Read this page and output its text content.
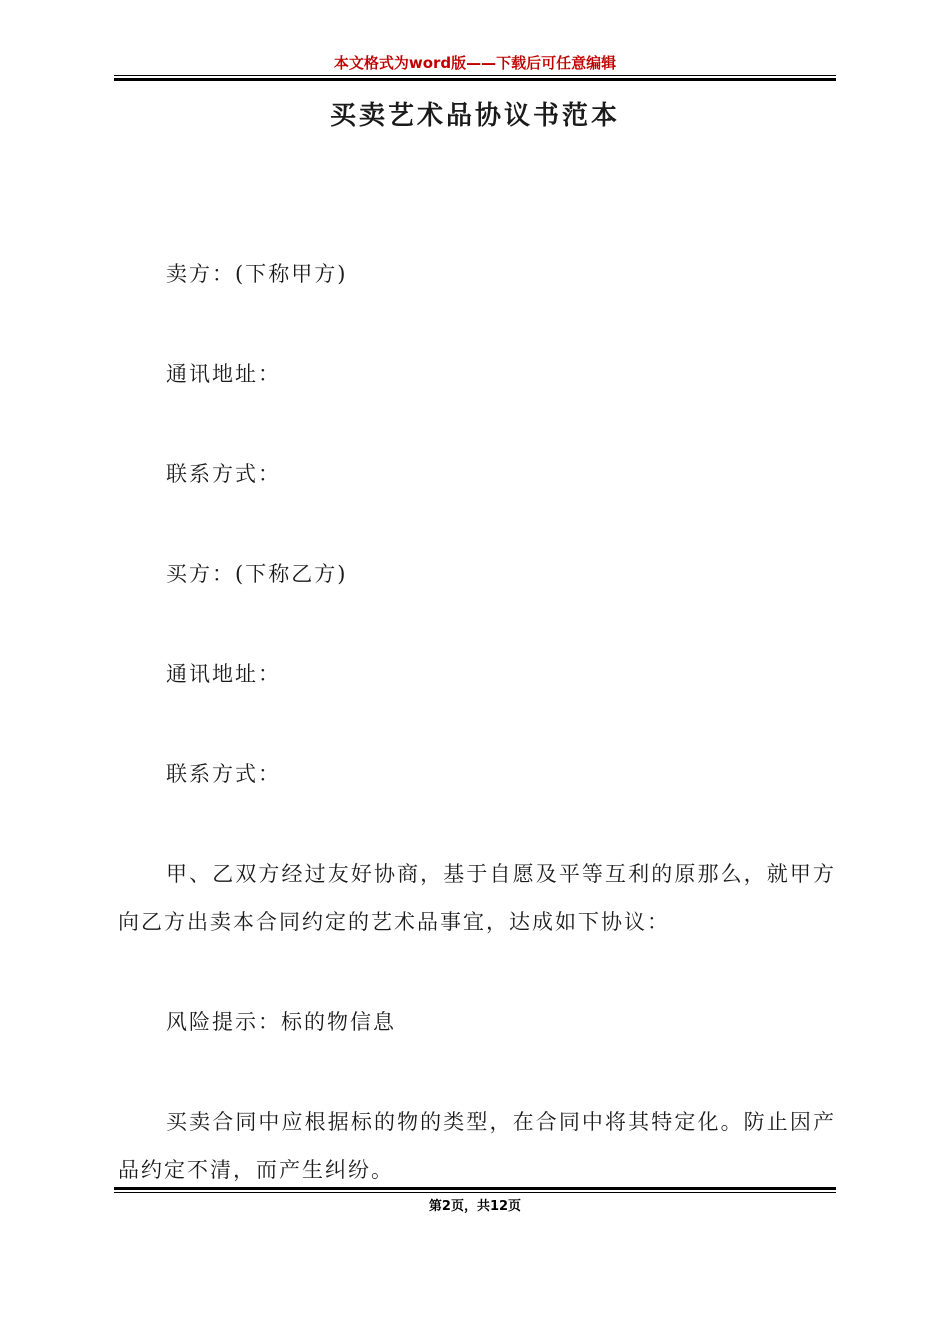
本文格式为word版——下载后可任意编辑
买卖艺术品协议书范本

卖方：(下称甲方)

通讯地址：

联系方式：

买方：(下称乙方)

通讯地址：

联系方式：

甲、乙双方经过友好协商，基于自愿及平等互利的原那么，就甲方向乙方出卖本合同约定的艺术品事宜，达成如下协议：

风险提示：标的物信息

买卖合同中应根据标的物的类型，在合同中将其特定化。防止因产品约定不清，而产生纠纷。

第2页，共12页
